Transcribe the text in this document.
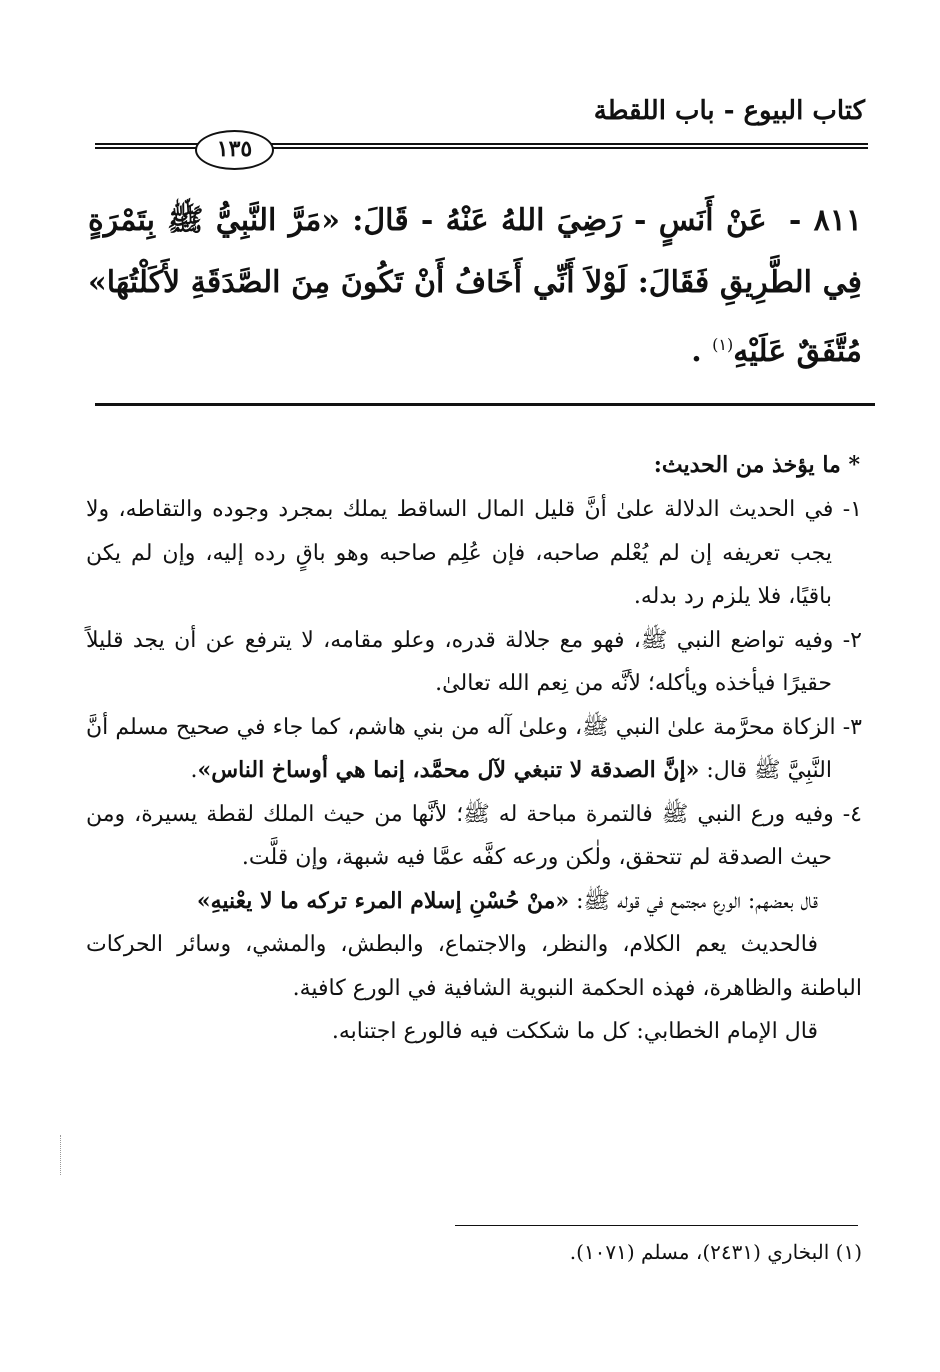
كتاب البيوع - باب اللقطة
١٣٥
٨١١ - عَنْ أَنَسٍ - رَضِيَ اللهُ عَنْهُ - قَالَ: «مَرَّ النَّبِيُّ ﷺ بِتَمْرَةٍ فِي الطَّرِيقِ فَقَالَ: لَوْلاَ أَنِّي أَخَافُ أَنْ تَكُونَ مِنَ الصَّدَقَةِ لأَكَلْتُهَا» مُتَّفَقٌ عَلَيْهِ$^{(١)}$ .
* ما يؤخذ من الحديث:

١- في الحديث الدلالة علىٰ أنَّ قليل المال الساقط يملك بمجرد وجوده والتقاطه، ولا يجب تعريفه إن لم يُعْلم صاحبه، فإن عُلِم صاحبه وهو باقٍ رده إليه، وإن لم يكن باقيًا، فلا يلزم رد بدله.

٢- وفيه تواضع النبي ﷺ، فهو مع جلالة قدره، وعلو مقامه، لا يترفع عن أن يجد قليلاً حقيرًا فيأخذه ويأكله؛ لأنَّه من نِعم الله تعالىٰ.

٣- الزكاة محرَّمة علىٰ النبي ﷺ، وعلىٰ آله من بني هاشم، كما جاء في صحيح مسلم أنَّ النَّبِيَّ ﷺ قال: «إنَّ الصدقة لا تنبغي لآل محمَّد، إنما هي أوساخ الناس».

٤- وفيه ورع النبي ﷺ فالتمرة مباحة له ﷺ؛ لأنَّها من حيث الملك لقطة يسيرة، ومن حيث الصدقة لم تتحقق، ولٰكن ورعه كفَّه عمَّا فيه شبهة، وإن قلَّت.

قال بعضهم: الورع مجتمع في قوله ﷺ: «منْ حُسْنِ إسلام المرء تركه ما لا يعْنيهِ»

فالحديث يعم الكلام، والنظر، والاجتماع، والبطش، والمشي، وسائر الحركات الباطنة والظاهرة، فهذه الحكمة النبوية الشافية في الورع كافية.

قال الإمام الخطابي: كل ما شككت فيه فالورع اجتنابه.

(١) البخاري (٢٤٣١)، مسلم (١٠٧١).
